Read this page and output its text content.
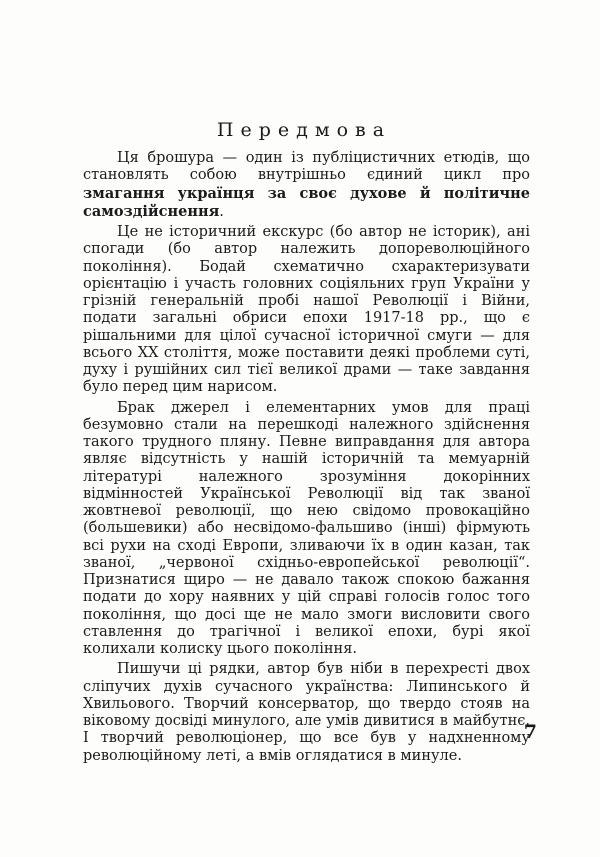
Передмова

Ця брошура — один із публіцистичних етюдів, що становлять собою внутрішньо єдиний цикл про змагання українця за своє духове й політичне самоздійснення.

Це не історичний екскурс (бо автор не історик), ані спогади (бо автор належить допореволюційного покоління). Бодай схематично схарактеризувати орієнтацію і участь головних соціяльних груп України у грізній генеральній пробі нашої Революції і Війни, подати загальні обриси епохи 1917-18 рр., що є рішальними для цілої сучасної історичної смуги — для всього XX століття, може поставити деякі проблеми суті, духу і рушійних сил тієї великої драми — таке завдання було перед цим нарисом.

Брак джерел і елементарних умов для праці безумовно стали на перешкоді належного здійснення такого трудного пляну. Певне виправдання для автора являє відсутність у нашій історичній та мемуарній літературі належного зрозуміння докорінних відмінностей Української Революції від так званої жовтневої революції, що нею свідомо провокаційно (большевики) або несвідомо-фальшиво (інші) фірмують всі рухи на сході Европи, зливаючи їх в один казан, так званої, „червоної східньо-европейської революції“. Признатися щиро — не давало також спокою бажання подати до хору наявних у цій справі голосів голос того покоління, що досі ще не мало змоги висловити свого ставлення до трагічної і великої епохи, бурі якої колихали колиску цього покоління.

Пишучи ці рядки, автор був ніби в перехресті двох сліпучих духів сучасного українства: Липинського й Хвильового. Творчий консерватор, що твердо стояв на віковому досвіді минулого, але умів дивитися в майбутнє. І творчий революціонер, що все був у надхненному революційному леті, а вмів оглядатися в минуле.

7
